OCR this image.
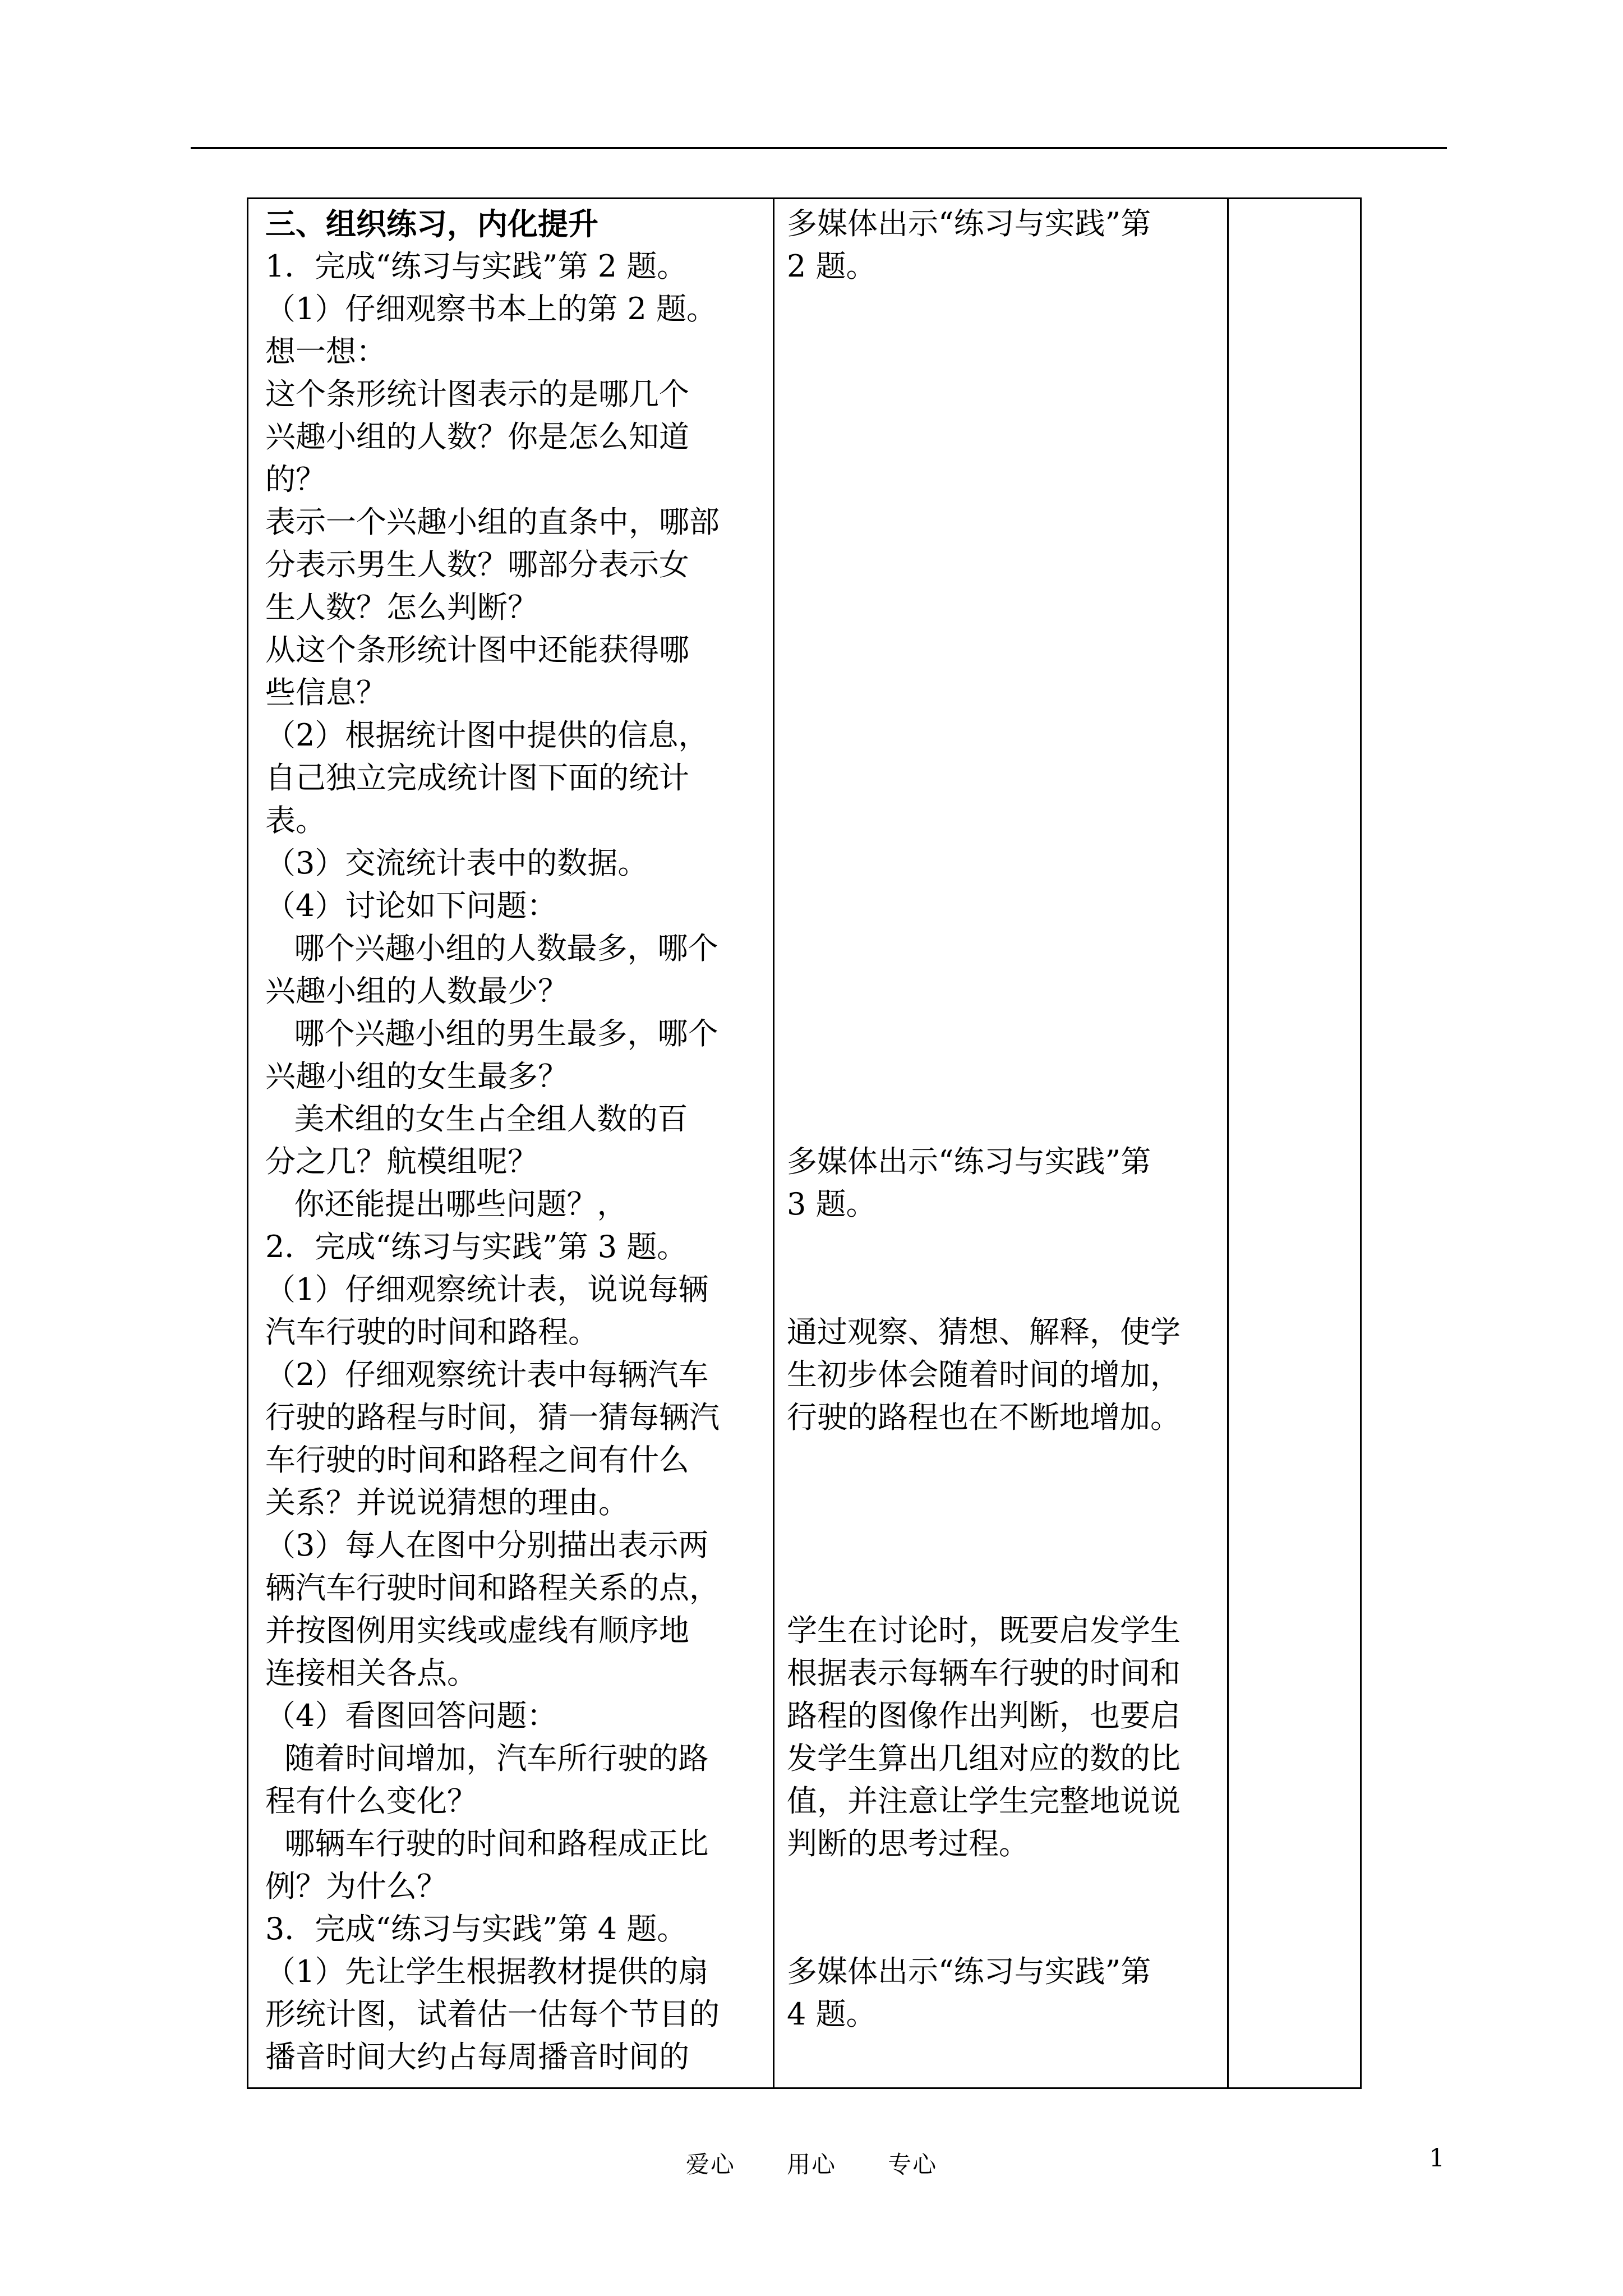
三、组织练习，内化提升
1．完成“练习与实践”第 2 题。
（1）仔细观察书本上的第 2 题。
想一想：
这个条形统计图表示的是哪几个
兴趣小组的人数？你是怎么知道
的？
表示一个兴趣小组的直条中，哪部
分表示男生人数？哪部分表示女
生人数？怎么判断？
从这个条形统计图中还能获得哪
些信息？
（2）根据统计图中提供的信息，
自己独立完成统计图下面的统计
表。
（3）交流统计表中的数据。
（4）讨论如下问题：
哪个兴趣小组的人数最多，哪个
兴趣小组的人数最少？
哪个兴趣小组的男生最多，哪个
兴趣小组的女生最多？
美术组的女生占全组人数的百
分之几？航模组呢？
你还能提出哪些问题？，
2．完成“练习与实践”第 3 题。
（1）仔细观察统计表，说说每辆
汽车行驶的时间和路程。
（2）仔细观察统计表中每辆汽车
行驶的路程与时间，猜一猜每辆汽
车行驶的时间和路程之间有什么
关系？并说说猜想的理由。
（3）每人在图中分别描出表示两
辆汽车行驶时间和路程关系的点，
并按图例用实线或虚线有顺序地
连接相关各点。
（4）看图回答问题：
随着时间增加，汽车所行驶的路
程有什么变化？
哪辆车行驶的时间和路程成正比
例？为什么？
3．完成“练习与实践”第 4 题。
（1）先让学生根据教材提供的扇
形统计图，试着估一估每个节目的
播音时间大约占每周播音时间的
多媒体出示“练习与实践”第
2 题。
多媒体出示“练习与实践”第
3 题。
通过观察、猜想、解释，使学
生初步体会随着时间的增加，
行驶的路程也在不断地增加。
学生在讨论时，既要启发学生
根据表示每辆车行驶的时间和
路程的图像作出判断，也要启
发学生算出几组对应的数的比
值，并注意让学生完整地说说
判断的思考过程。
多媒体出示“练习与实践”第
4 题。
爱心      用心      专心	1
